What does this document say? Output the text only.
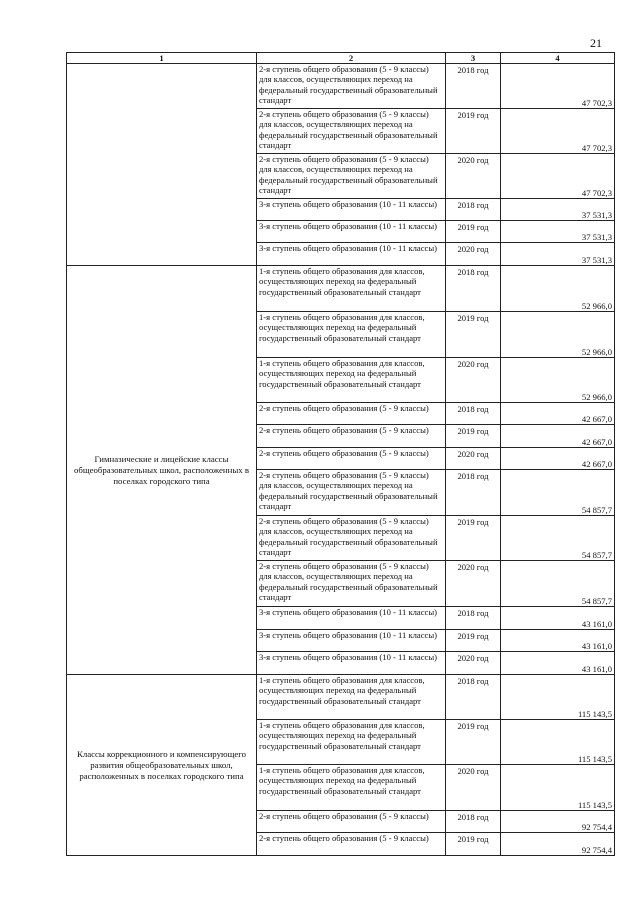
21
1	2	3	4
	2-я ступень общего образования (5 - 9 классы) для классов, осуществляющих переход на федеральный государственный образовательный стандарт	2018 год	47 702,3
	2-я ступень общего образования (5 - 9 классы) для классов, осуществляющих переход на федеральный государственный образовательный стандарт	2019 год	47 702,3
	2-я ступень общего образования (5 - 9 классы) для классов, осуществляющих переход на федеральный государственный образовательный стандарт	2020 год	47 702,3
	3-я ступень общего образования (10 - 11 классы)	2018 год	37 531,3
	3-я ступень общего образования (10 - 11 классы)	2019 год	37 531,3
	3-я ступень общего образования (10 - 11 классы)	2020 год	37 531,3
Гимназические и лицейские классы общеобразовательных школ, расположенных в поселках городского типа	1-я ступень общего образования для классов, осуществляющих переход на федеральный государственный образовательный стандарт	2018 год	52 966,0
	1-я ступень общего образования для классов, осуществляющих переход на федеральный государственный образовательный стандарт	2019 год	52 966,0
	1-я ступень общего образования для классов, осуществляющих переход на федеральный государственный образовательный стандарт	2020 год	52 966,0
	2-я ступень общего образования (5 - 9 классы)	2018 год	42 667,0
	2-я ступень общего образования (5 - 9 классы)	2019 год	42 667,0
	2-я ступень общего образования (5 - 9 классы)	2020 год	42 667,0
	2-я ступень общего образования (5 - 9 классы) для классов, осуществляющих переход на федеральный государственный образовательный стандарт	2018 год	54 857,7
	2-я ступень общего образования (5 - 9 классы) для классов, осуществляющих переход на федеральный государственный образовательный стандарт	2019 год	54 857,7
	2-я ступень общего образования (5 - 9 классы) для классов, осуществляющих переход на федеральный государственный образовательный стандарт	2020 год	54 857,7
	3-я ступень общего образования (10 - 11 классы)	2018 год	43 161,0
	3-я ступень общего образования (10 - 11 классы)	2019 год	43 161,0
	3-я ступень общего образования (10 - 11 классы)	2020 год	43 161,0
Классы коррекционного и компенсирующего развития общеобразовательных школ, расположенных в поселках городского типа	1-я ступень общего образования для классов, осуществляющих переход на федеральный государственный образовательный стандарт	2018 год	115 143,5
	1-я ступень общего образования для классов, осуществляющих переход на федеральный государственный образовательный стандарт	2019 год	115 143,5
	1-я ступень общего образования для классов, осуществляющих переход на федеральный государственный образовательный стандарт	2020 год	115 143,5
	2-я ступень общего образования (5 - 9 классы)	2018 год	92 754,4
	2-я ступень общего образования (5 - 9 классы)	2019 год	92 754,4
